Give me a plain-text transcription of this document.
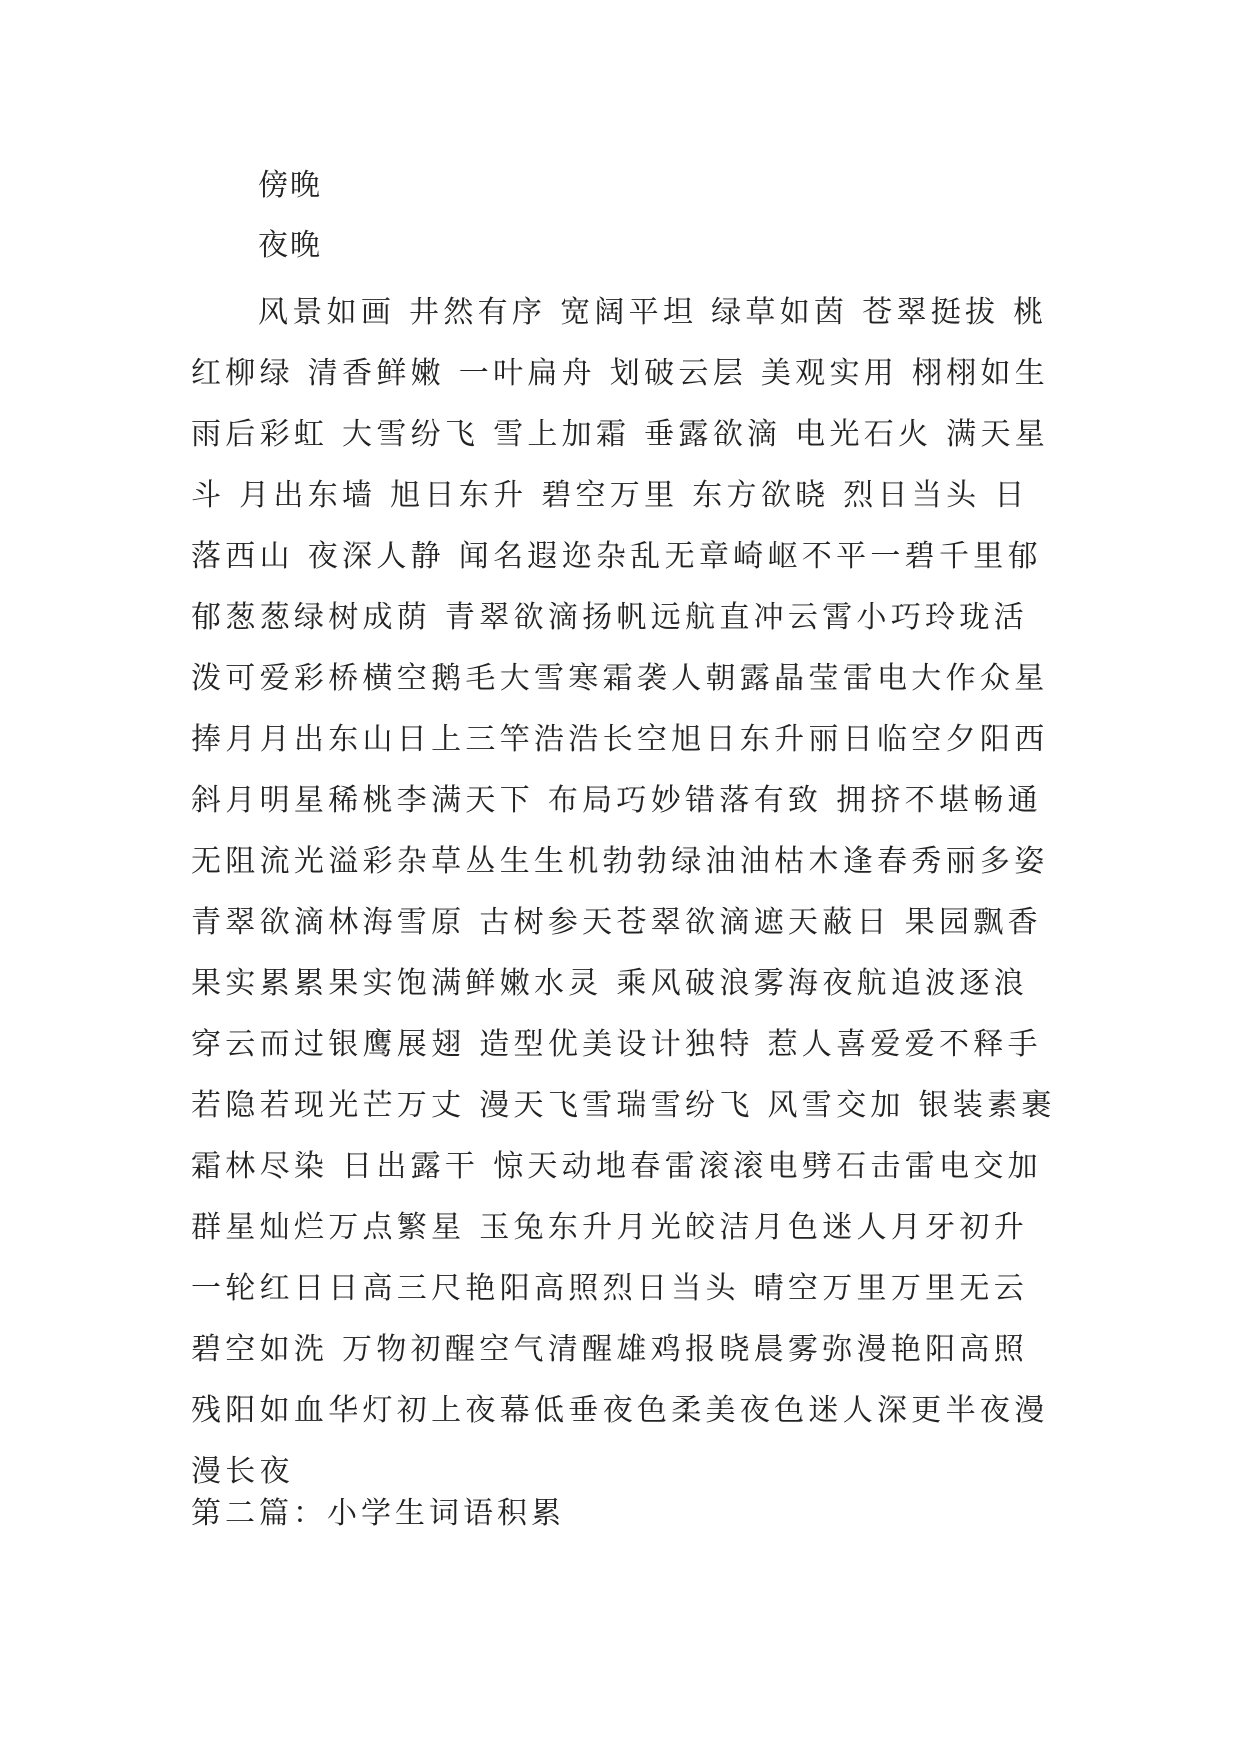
傍晚
夜晚

风景如画 井然有序 宽阔平坦 绿草如茵 苍翠挺拔 桃红柳绿 清香鲜嫩 一叶扁舟 划破云层 美观实用 栩栩如生 雨后彩虹 大雪纷飞 雪上加霜 垂露欲滴 电光石火 满天星斗 月出东墙 旭日东升 碧空万里 东方欲晓 烈日当头 日落西山 夜深人静 闻名遐迩杂乱无章崎岖不平一碧千里郁郁葱葱绿树成荫 青翠欲滴扬帆远航直冲云霄小巧玲珑活泼可爱彩桥横空鹅毛大雪寒霜袭人朝露晶莹雷电大作众星捧月月出东山日上三竿浩浩长空旭日东升丽日临空夕阳西斜月明星稀桃李满天下 布局巧妙错落有致 拥挤不堪畅通无阻流光溢彩杂草丛生生机勃勃绿油油枯木逢春秀丽多姿青翠欲滴林海雪原 古树参天苍翠欲滴遮天蔽日 果园飘香果实累累果实饱满鲜嫩水灵 乘风破浪雾海夜航追波逐浪 穿云而过银鹰展翅 造型优美设计独特 惹人喜爱爱不释手 若隐若现光芒万丈 漫天飞雪瑞雪纷飞 风雪交加 银装素裹霜林尽染 日出露干 惊天动地春雷滚滚电劈石击雷电交加群星灿烂万点繁星 玉兔东升月光皎洁月色迷人月牙初升一轮红日日高三尺艳阳高照烈日当头 晴空万里万里无云碧空如洗 万物初醒空气清醒雄鸡报晓晨雾弥漫艳阳高照残阳如血华灯初上夜幕低垂夜色柔美夜色迷人深更半夜漫漫长夜

第二篇：小学生词语积累
